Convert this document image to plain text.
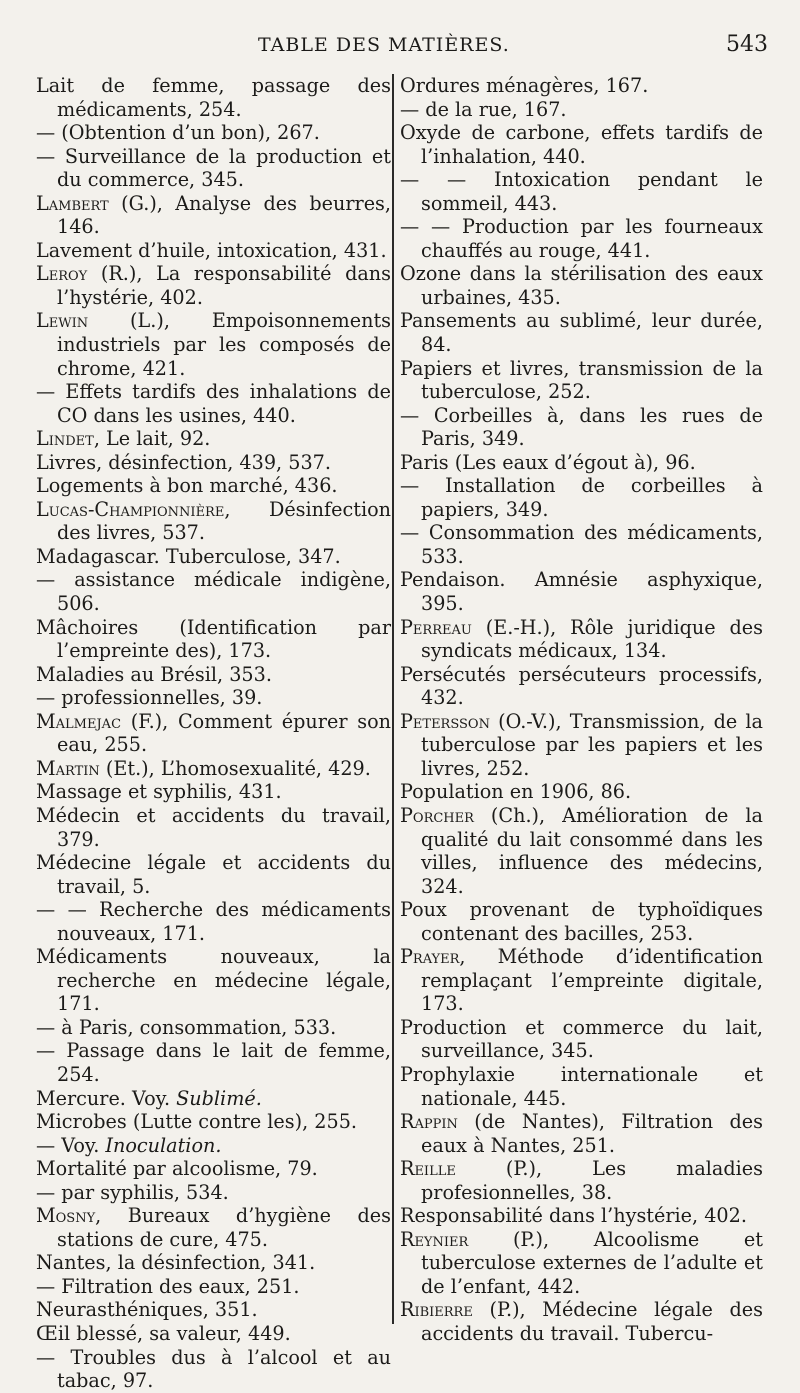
TABLE DES MATIÈRES.	543
Lait de femme, passage des médicaments, 254.
— (Obtention d’un bon), 267.
— Surveillance de la production et du commerce, 345.
Lambert (G.), Analyse des beurres, 146.
Lavement d’huile, intoxication, 431.
Leroy (R.), La responsabilité dans l’hystérie, 402.
Lewin (L.), Empoisonnements industriels par les composés de chrome, 421.
— Effets tardifs des inhalations de CO dans les usines, 440.
Lindet, Le lait, 92.
Livres, désinfection, 439, 537.
Logements à bon marché, 436.
Lucas-Championnière, Désinfection des livres, 537.
Madagascar. Tuberculose, 347.
— assistance médicale indigène, 506.
Mâchoires (Identification par l’empreinte des), 173.
Maladies au Brésil, 353.
— professionnelles, 39.
Malmejac (F.), Comment épurer son eau, 255.
Martin (Et.), L’homosexualité, 429.
Massage et syphilis, 431.
Médecin et accidents du travail, 379.
Médecine légale et accidents du travail, 5.
— — Recherche des médicaments nouveaux, 171.
Médicaments nouveaux, la recherche en médecine légale, 171.
— à Paris, consommation, 533.
— Passage dans le lait de femme, 254.
Mercure. Voy. Sublimé.
Microbes (Lutte contre les), 255.
— Voy. Inoculation.
Mortalité par alcoolisme, 79.
— par syphilis, 534.
Mosny, Bureaux d’hygiène des stations de cure, 475.
Nantes, la désinfection, 341.
— Filtration des eaux, 251.
Neurasthéniques, 351.
Œil blessé, sa valeur, 449.
— Troubles dus à l’alcool et au tabac, 97.
Ordures ménagères, 167.
— de la rue, 167.
Oxyde de carbone, effets tardifs de l’inhalation, 440.
— — Intoxication pendant le sommeil, 443.
— — Production par les fourneaux chauffés au rouge, 441.
Ozone dans la stérilisation des eaux urbaines, 435.
Pansements au sublimé, leur durée, 84.
Papiers et livres, transmission de la tuberculose, 252.
— Corbeilles à, dans les rues de Paris, 349.
Paris (Les eaux d’égout à), 96.
— Installation de corbeilles à papiers, 349.
— Consommation des médicaments, 533.
Pendaison. Amnésie asphyxique, 395.
Perreau (E.-H.), Rôle juridique des syndicats médicaux, 134.
Persécutés persécuteurs processifs, 432.
Petersson (O.-V.), Transmission, de la tuberculose par les papiers et les livres, 252.
Population en 1906, 86.
Porcher (Ch.), Amélioration de la qualité du lait consommé dans les villes, influence des médecins, 324.
Poux provenant de typhoïdiques contenant des bacilles, 253.
Prayer, Méthode d’identification remplaçant l’empreinte digitale, 173.
Production et commerce du lait, surveillance, 345.
Prophylaxie internationale et nationale, 445.
Rappin (de Nantes), Filtration des eaux à Nantes, 251.
Reille (P.), Les maladies profesionnelles, 38.
Responsabilité dans l’hystérie, 402.
Reynier (P.), Alcoolisme et tuberculose externes de l’adulte et de l’enfant, 442.
Ribierre (P.), Médecine légale des accidents du travail. Tubercu-
